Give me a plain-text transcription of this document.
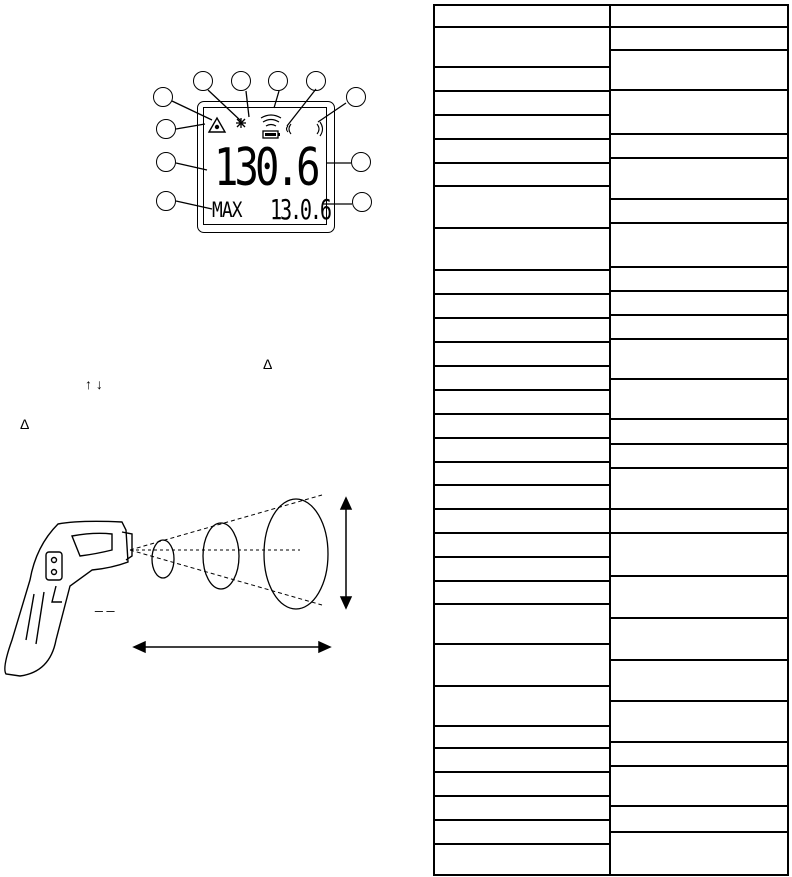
130.6
MAX 13.0.6
Δ
↑ ↓
Δ
_ _
